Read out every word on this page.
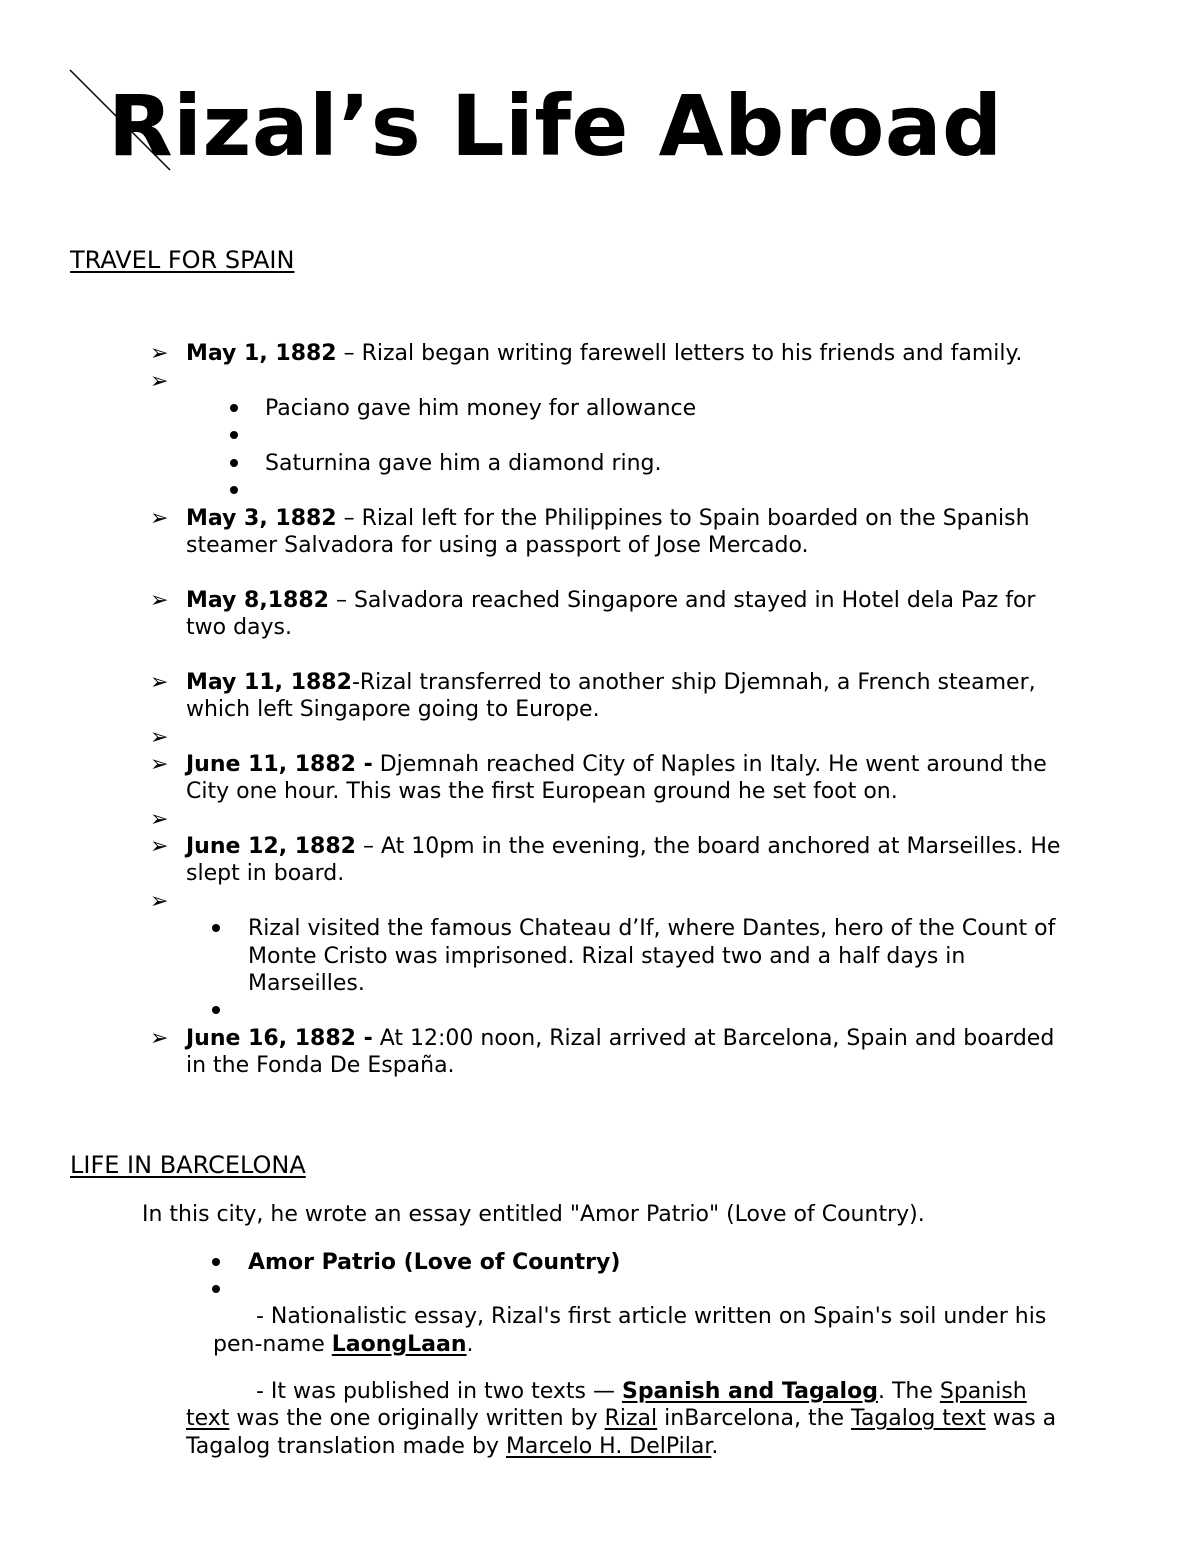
Rizal’s Life Abroad
TRAVEL FOR SPAIN
➢ May 1, 1882 – Rizal began writing farewell letters to his friends and family.
➢
Paciano gave him money for allowance
Saturnina gave him a diamond ring.
➢ May 3, 1882 – Rizal left for the Philippines to Spain boarded on the Spanish
steamer Salvadora for using a passport of Jose Mercado.
➢ May 8,1882 – Salvadora reached Singapore and stayed in Hotel dela Paz for
two days.
➢ May 11, 1882-Rizal transferred to another ship Djemnah, a French steamer,
which left Singapore going to Europe.
➢
➢ June 11, 1882 - Djemnah reached City of Naples in Italy. He went around the
City one hour. This was the first European ground he set foot on.
➢
➢ June 12, 1882 – At 10pm in the evening, the board anchored at Marseilles. He
slept in board.
➢
Rizal visited the famous Chateau d’If, where Dantes, hero of the Count of
Monte Cristo was imprisoned. Rizal stayed two and a half days in
Marseilles.
➢ June 16, 1882 - At 12:00 noon, Rizal arrived at Barcelona, Spain and boarded
in the Fonda De España.
LIFE IN BARCELONA
In this city, he wrote an essay entitled "Amor Patrio" (Love of Country).
Amor Patrio (Love of Country)
- Nationalistic essay, Rizal's first article written on Spain's soil under his
pen-name LaongLaan.
- It was published in two texts — Spanish and Tagalog. The Spanish
text was the one originally written by Rizal inBarcelona, the Tagalog text was a
Tagalog translation made by Marcelo H. DelPilar.
